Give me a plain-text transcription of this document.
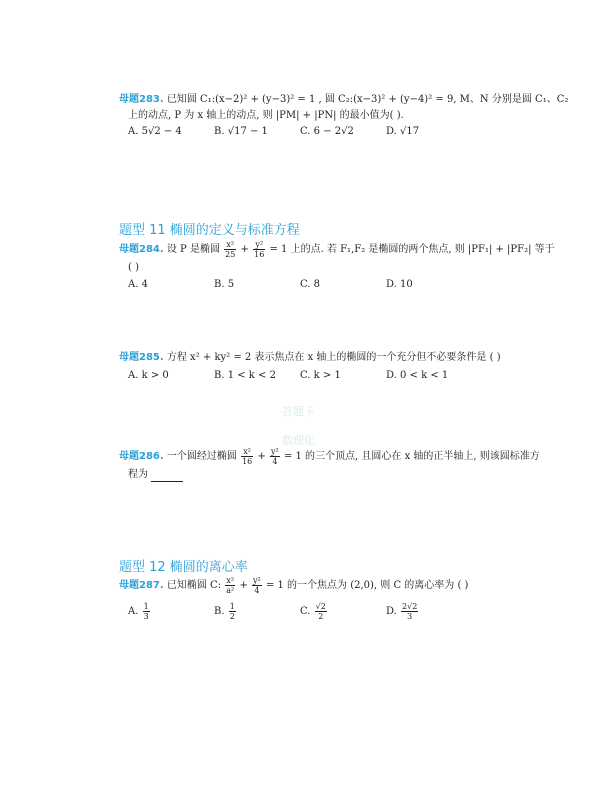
母题283. 已知圆 C₁:(x−2)² + (y−3)² = 1 , 圆 C₂:(x−3)² + (y−4)² = 9, M、N 分别是圆 C₁、C₂
上的动点, P 为 x 轴上的动点, 则 |PM| + |PN| 的最小值为( ).
A. 5√2 − 4	B. √17 − 1	C. 6 − 2√2	D. √17
题型 11 椭圆的定义与标准方程
母题284. 设 P 是椭圆 $\frac{\text{x²}}{25} + \frac{\text{y²}}{16} = 1$ 上的点. 若 F₁,F₂ 是椭圆的两个焦点, 则 |PF₁| + |PF₂| 等于
( )
A. 4	B. 5	C. 8	D. 10
母题285. 方程 x² + ky² = 2 表示焦点在 x 轴上的椭圆的一个充分但不必要条件是 ( )
A. k > 0	B. 1 < k < 2 C. k > 1	D. 0 < k < 1
答题卡
数理化
母题286. 一个圆经过椭圆 $\frac{\text{x²}}{16} + \frac{\text{y²}}{4} = 1$ 的三个顶点, 且圆心在 x 轴的正半轴上, 则该圆标准方
程为
题型 12 椭圆的离心率
母题287. 已知椭圆 C: $\frac{\text{x²}}{\text{a²}} + \frac{\text{y²}}{4} = 1$ 的一个焦点为 (2,0), 则 C 的离心率为 ( )
A. $\frac{1}{3}$	B. $\frac{1}{2}$	C. $\frac{√2}{2}$	D. $\frac{2√2}{3}$
